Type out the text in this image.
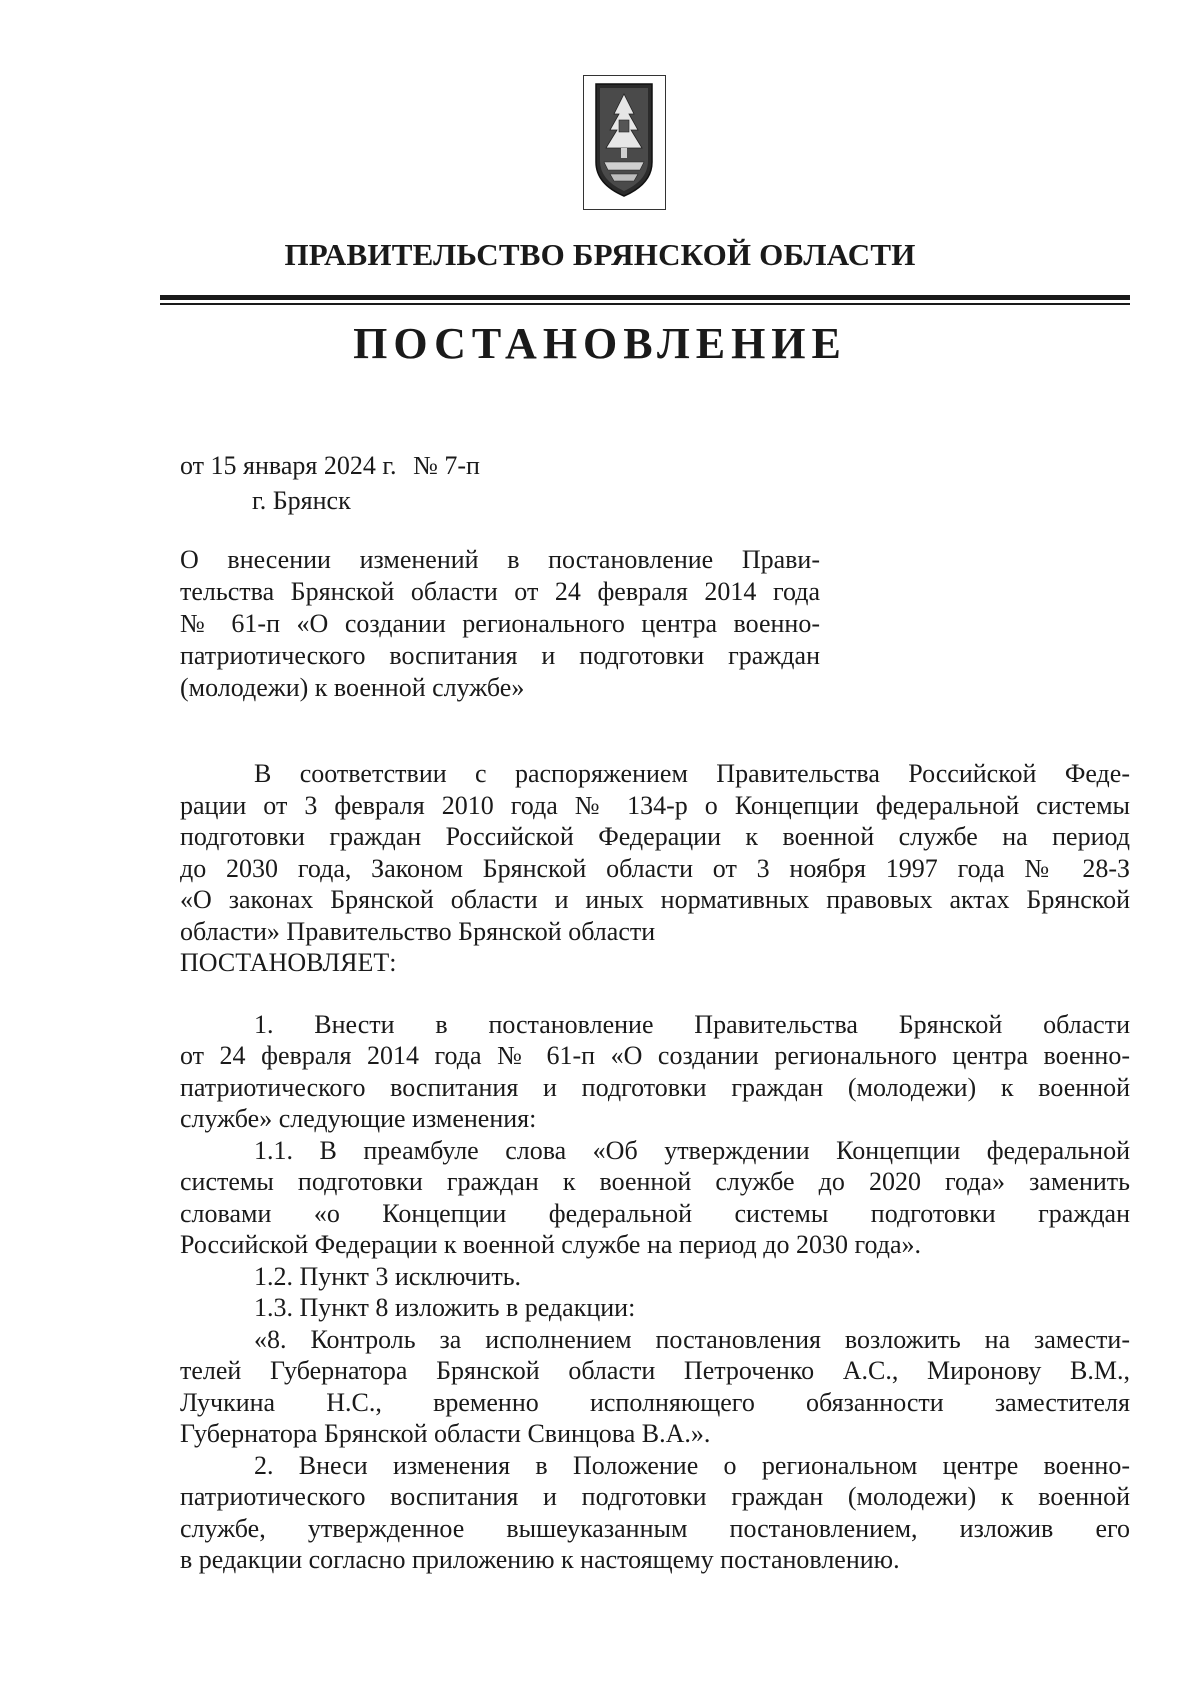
ПРАВИТЕЛЬСТВО БРЯНСКОЙ ОБЛАСТИ
ПОСТАНОВЛЕНИЕ
от 15 января 2024 г. № 7-п
г. Брянск
О внесении изменений в постановление Прави-
тельства Брянской области от 24 февраля 2014 года
№ 61-п «О создании регионального центра военно-
патриотического воспитания и подготовки граждан
(молодежи) к военной службе»
В соответствии с распоряжением Правительства Российской Феде-
рации от 3 февраля 2010 года № 134-р о Концепции федеральной системы
подготовки граждан Российской Федерации к военной службе на период
до 2030 года, Законом Брянской области от 3 ноября 1997 года № 28-З
«О законах Брянской области и иных нормативных правовых актах Брянской
области» Правительство Брянской области
ПОСТАНОВЛЯЕТ:
1. Внести в постановление Правительства Брянской области
от 24 февраля 2014 года № 61-п «О создании регионального центра военно-
патриотического воспитания и подготовки граждан (молодежи) к военной
службе» следующие изменения:
1.1. В преамбуле слова «Об утверждении Концепции федеральной
системы подготовки граждан к военной службе до 2020 года» заменить
словами «о Концепции федеральной системы подготовки граждан
Российской Федерации к военной службе на период до 2030 года».
1.2. Пункт 3 исключить.
1.3. Пункт 8 изложить в редакции:
«8. Контроль за исполнением постановления возложить на замести-
телей Губернатора Брянской области Петроченко А.С., Миронову В.М.,
Лучкина Н.С., временно исполняющего обязанности заместителя
Губернатора Брянской области Свинцова В.А.».
2. Внеси изменения в Положение о региональном центре военно-
патриотического воспитания и подготовки граждан (молодежи) к военной
службе, утвержденное вышеуказанным постановлением, изложив его
в редакции согласно приложению к настоящему постановлению.
